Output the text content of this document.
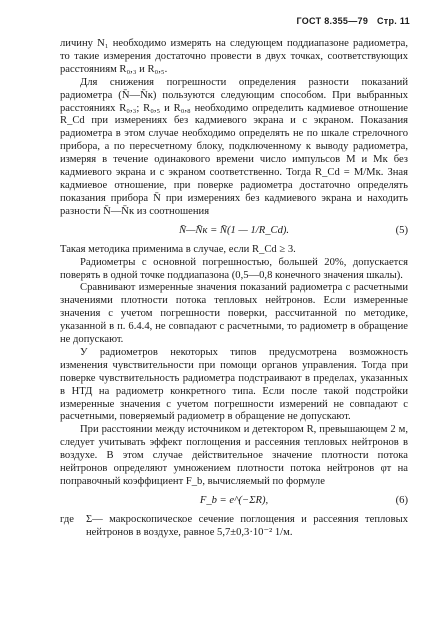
ГОСТ 8.355—79 Стр. 11

личину N₁ необходимо измерять на следующем поддиапазоне радиометра, то такие измерения достаточно провести в двух точках, соответствующих расстояниям R₀,₃ и R₀,₅.

Для снижения погрешности определения разности показаний радиометра (N̄—N̄к) пользуются следующим способом. При выбранных расстояниях R₀,₃; R₀,₅ и R₀,₈ необходимо определить кадмиевое отношение R_Cd при измерениях без кадмиевого экрана и с экраном. Показания радиометра в этом случае необходимо определять не по шкале стрелочного прибора, а по пересчетному блоку, подключенному к выводу радиометра, измеряя в течение одинакового времени число импульсов M и Mк без кадмиевого экрана и с экраном соответственно. Тогда R_Cd = M/Mк. Зная кадмиевое отношение, при поверке радиометра достаточно определять показания прибора N̄ при измерениях без кадмиевого экрана и находить разности N̄—N̄к из соотношения

N̄—N̄к = N̄(1 — 1/R_Cd).	(5)

Такая методика применима в случае, если R_Cd ≥ 3.

Радиометры с основной погрешностью, большей 20%, допускается поверять в одной точке поддиапазона (0,5—0,8 конечного значения шкалы).

Сравнивают измеренные значения показаний радиометра с расчетными значениями плотности потока тепловых нейтронов. Если измеренные значения с учетом погрешности поверки, рассчитанной по методике, указанной в п. 6.4.4, не совпадают с расчетными, то радиометр в обращение не допускают.

У радиометров некоторых типов предусмотрена возможность изменения чувствительности при помощи органов управления. Тогда при поверке чувствительность радиометра подстраивают в пределах, указанных в НТД на радиометр конкретного типа. Если после такой подстройки измеренные значения с учетом погрешности измерений не совпадают с расчетными, поверяемый радиометр в обращение не допускают.

При расстоянии между источником и детектором R, превышающем 2 м, следует учитывать эффект поглощения и рассеяния тепловых нейтронов в воздухе. В этом случае действительное значение плотности потока нейтронов определяют умножением плотности потока нейтронов φт на поправочный коэффициент F_b, вычисляемый по формуле

F_b = e^(−ΣR),	(6)
где	Σ— макроскопическое сечение поглощения и рассеяния тепловых нейтронов в воздухе, равное 5,7±0,3·10⁻² 1/м.
